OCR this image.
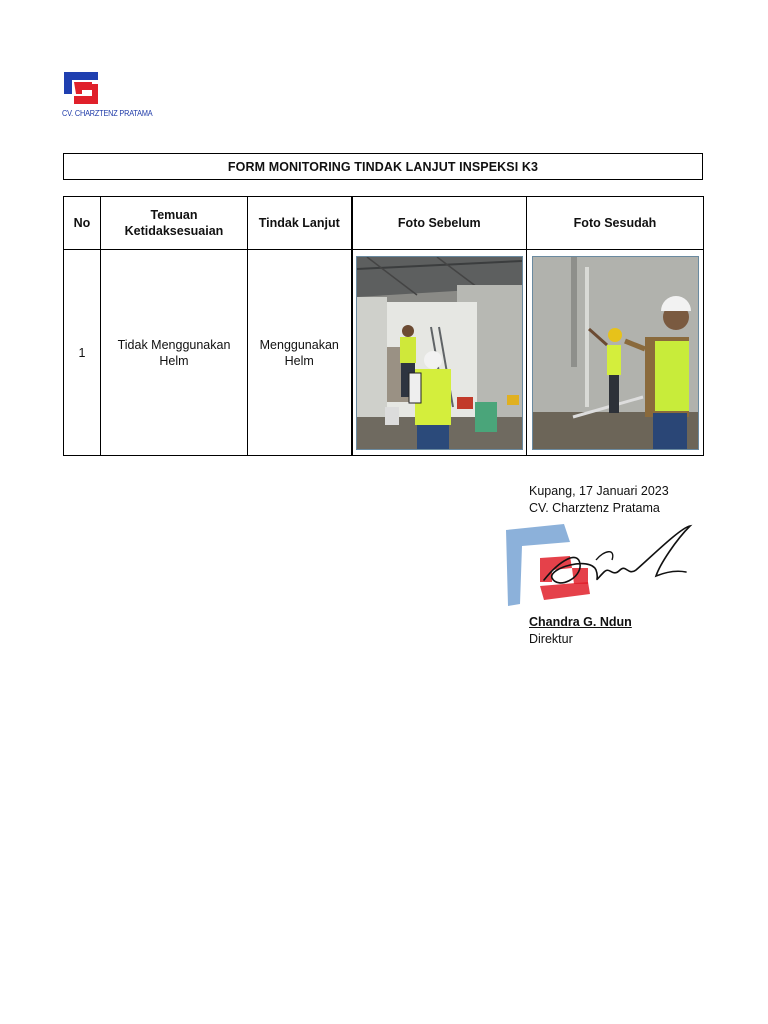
CV. CHARZTENZ PRATAMA
FORM MONITORING TINDAK LANJUT INSPEKSI K3
No	Temuan Ketidaksesuaian	Tindak Lanjut	Foto Sebelum	Foto Sesudah
1	Tidak Menggunakan Helm	Menggunakan Helm	

Kupang, 17 Januari 2023
CV. Charztenz Pratama
Chandra G. Ndun
Direktur
